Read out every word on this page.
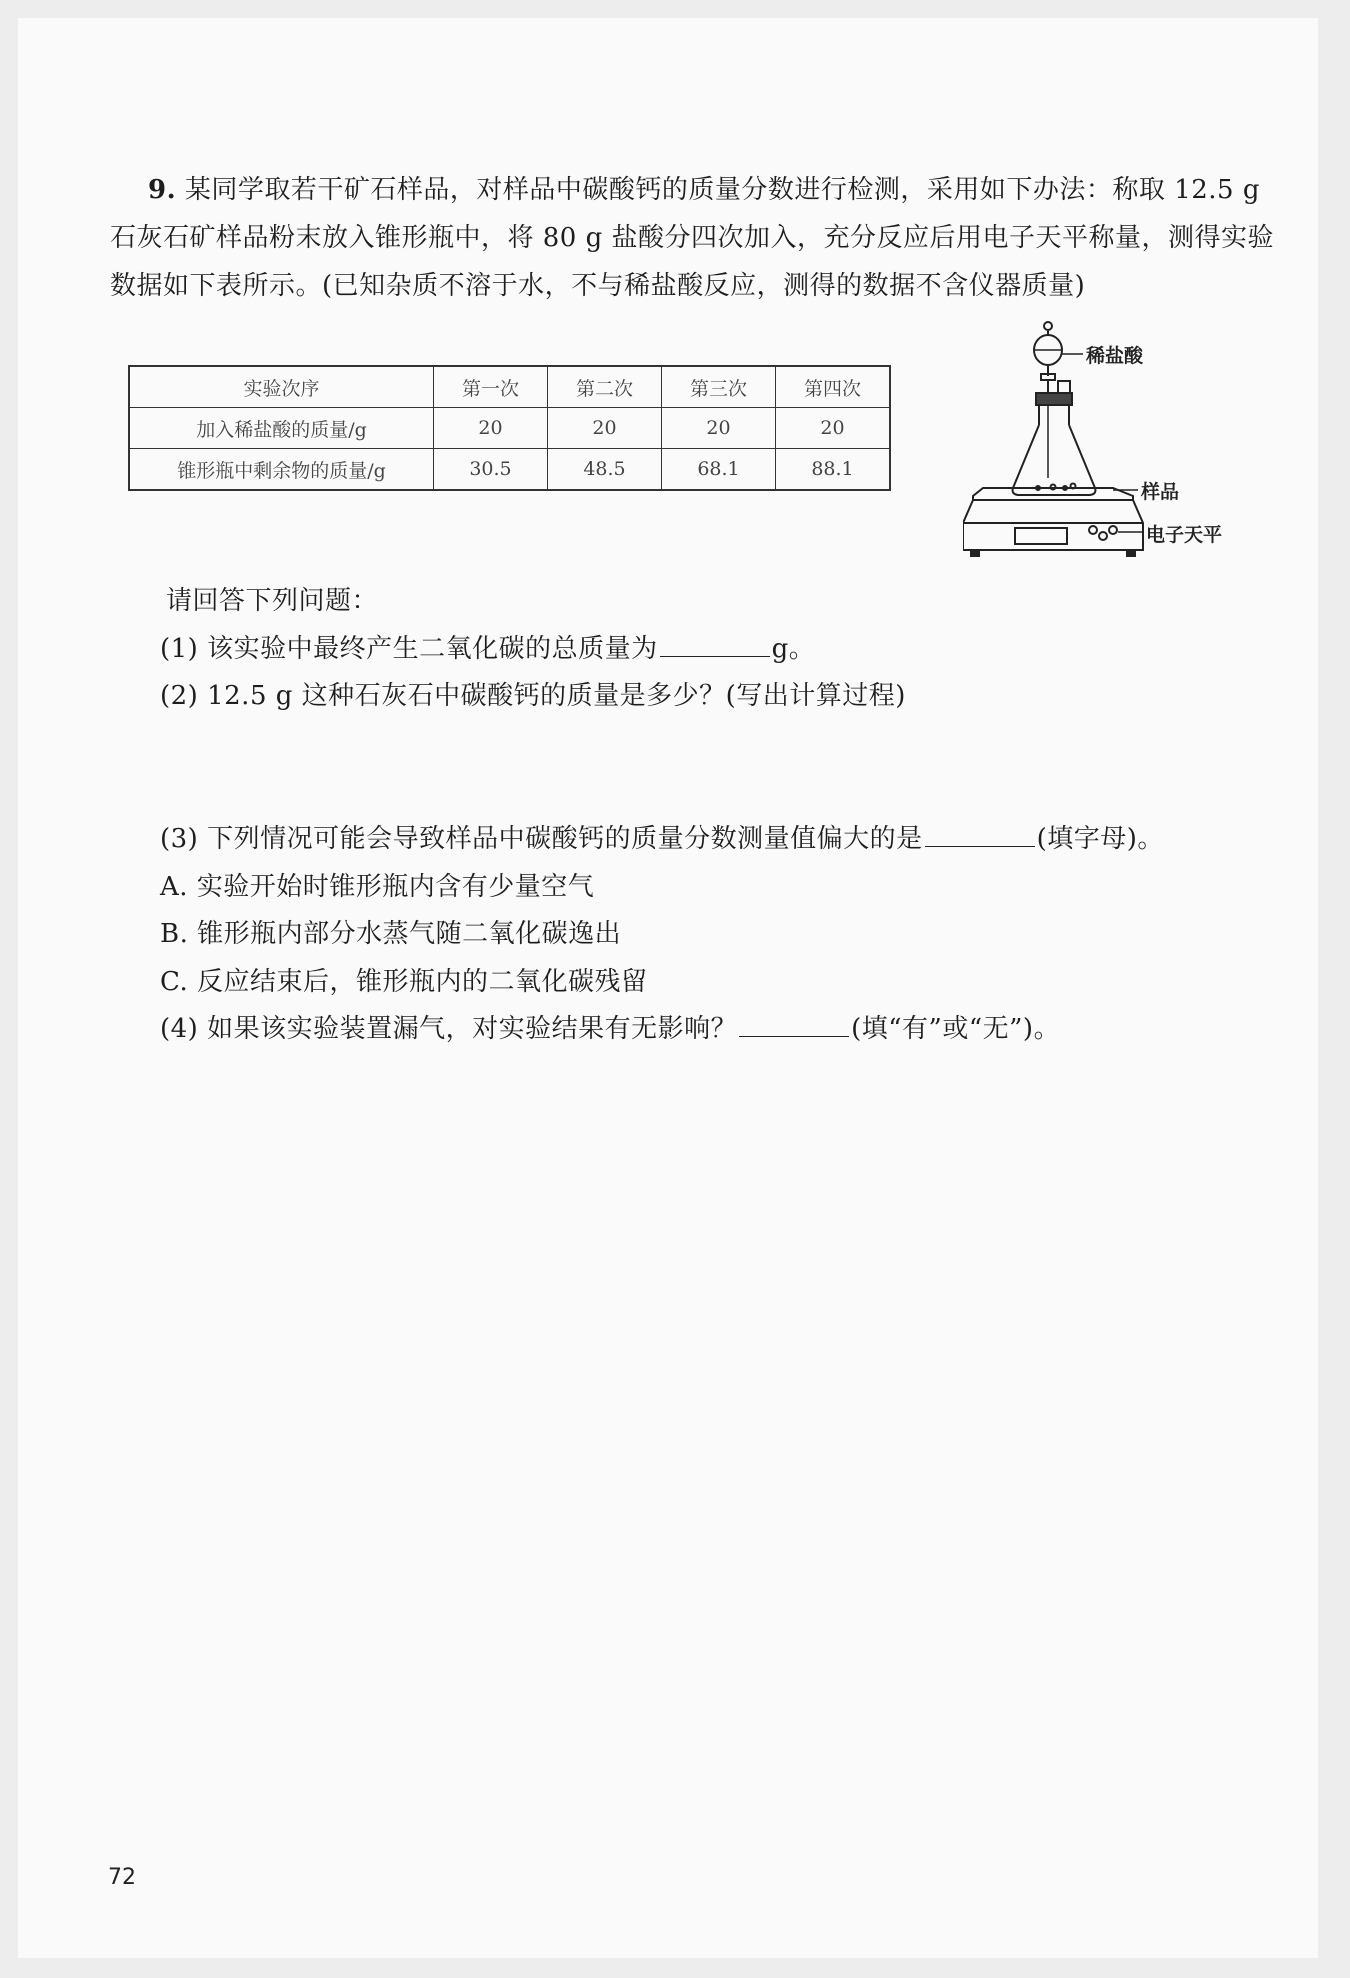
9. 某同学取若干矿石样品，对样品中碳酸钙的质量分数进行检测，采用如下办法：称取 12.5 g 石灰石矿样品粉末放入锥形瓶中，将 80 g 盐酸分四次加入，充分反应后用电子天平称量，测得实验数据如下表所示。(已知杂质不溶于水，不与稀盐酸反应，测得的数据不含仪器质量)
实验次序	第一次	第二次	第三次	第四次
加入稀盐酸的质量/g	20	20	20	20
锥形瓶中剩余物的质量/g	30.5	48.5	68.1	88.1
稀盐酸
样品
电子天平
请回答下列问题：
(1) 该实验中最终产生二氧化碳的总质量为	g。
(2) 12.5 g 这种石灰石中碳酸钙的质量是多少？(写出计算过程)
(3) 下列情况可能会导致样品中碳酸钙的质量分数测量值偏大的是	(填字母)。
A. 实验开始时锥形瓶内含有少量空气
B. 锥形瓶内部分水蒸气随二氧化碳逸出
C. 反应结束后，锥形瓶内的二氧化碳残留
(4) 如果该实验装置漏气，对实验结果有无影响？	(填“有”或“无”)。
72
